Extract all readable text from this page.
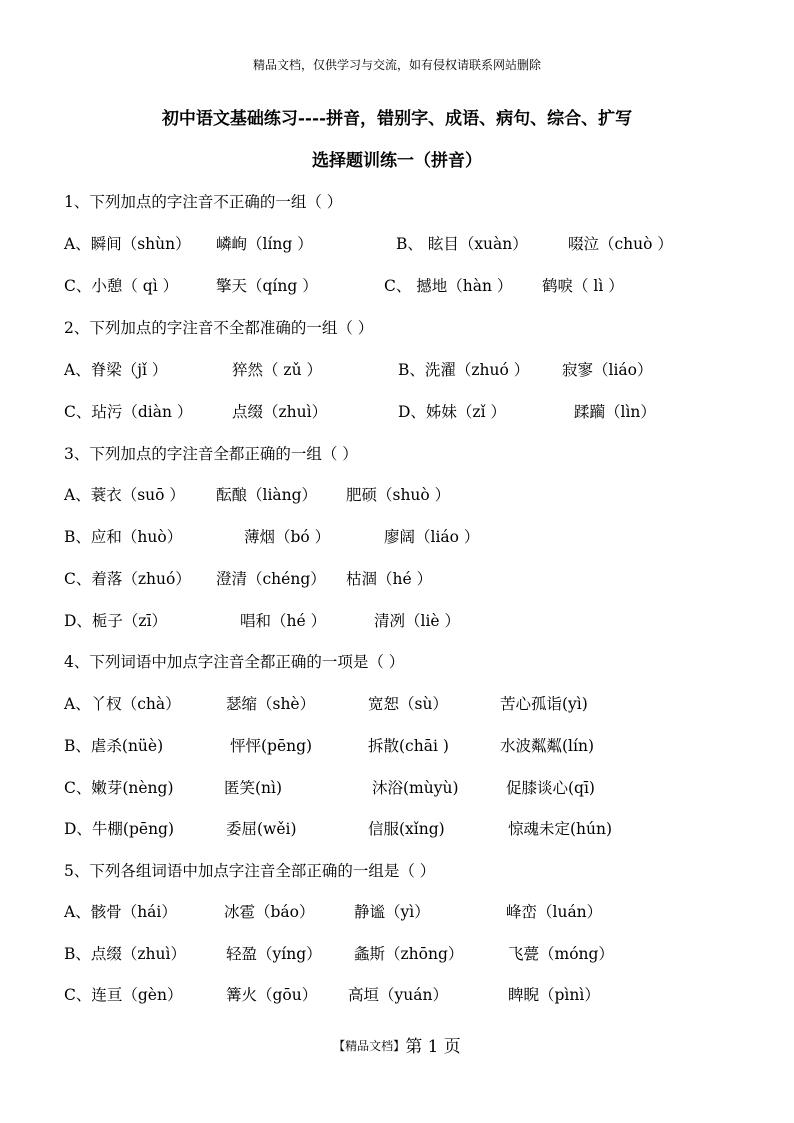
精品文档，仅供学习与交流，如有侵权请联系网站删除
初中语文基础练习----拼音，错别字、成语、病句、综合、扩写
选择题训练一（拼音）
1、下列加点的字注音不正确的一组（ ）
A、瞬间（shùn） 嶙峋（líng ）	B、 眩目（xuàn）	啜泣（chuò ）
C、小憩（ qì ） 擎天（qíng ）	C、 撼地（hàn ） 鹤唳（ lì ）
2、下列加点的字注音不全都准确的一组（ ）
A、脊梁（jǐ ）	猝然（ zǔ ）	B、洗濯（zhuó ） 寂寥（liáo）
C、玷污（diàn ）	点缀（zhuì）	D、姊妹（zǐ ）	蹂躏（lìn）
3、下列加点的字注音全都正确的一组（ ）
A、蓑衣（suō ） 酝酿（liàng） 肥硕（shuò ）
B、应和（huò）	薄烟（bó ）	廖阔（liáo ）
C、着落（zhuó） 澄清（chéng） 枯涸（hé ）
D、栀子（zī）	唱和（hé ）	清冽（liè ）
4、下列词语中加点字注音全都正确的一项是（ ）
A、丫杈（chà）	瑟缩（shè）	宽恕（sù）	苦心孤诣(yì)
B、虐杀(nüè)	怦怦(pēng)	拆散(chāi )	水波粼粼(lín)
C、嫩芽(nèng)	匿笑(nì)	沐浴(mùyù)	促膝谈心(qī)
D、牛棚(pēng)	委屈(wěi)	信服(xǐng)	惊魂未定(hún)
5、下列各组词语中加点字注音全部正确的一组是（ ）
A、骸骨（hái）	冰雹（báo）	静谧（yì）	峰峦（luán）
B、点缀（zhuì）	轻盈（yíng） 螽斯（zhōng）	飞甍（móng）
C、连亘（gèn）	篝火（gōu） 高垣（yuán）	睥睨（pìnì）
【精品文档】第 1 页
